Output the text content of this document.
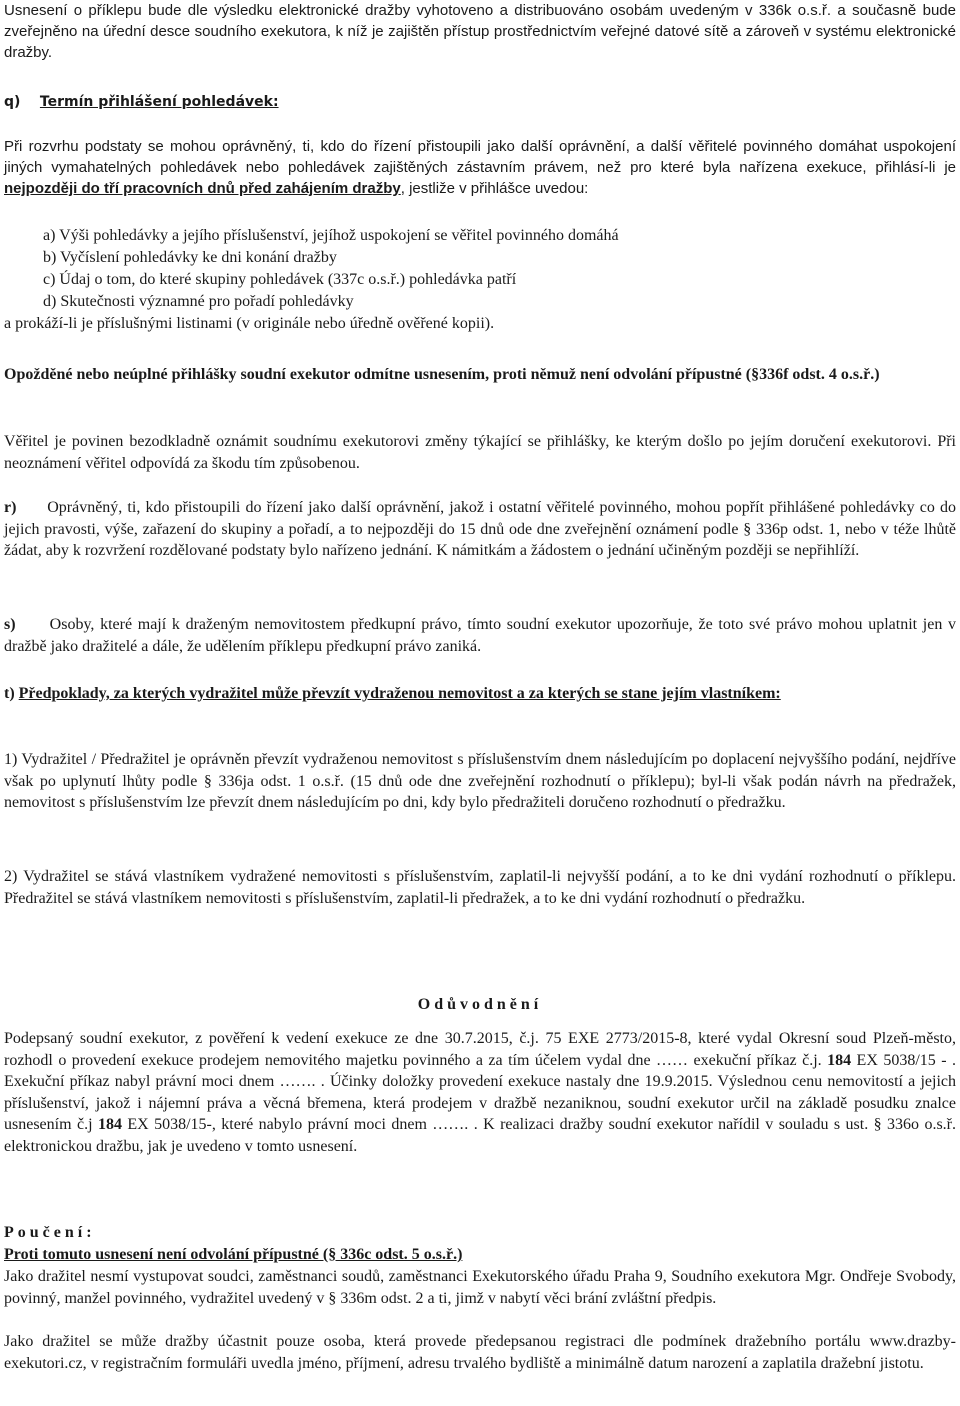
Usnesení o příklepu bude dle výsledku elektronické dražby vyhotoveno a distribuováno osobám uvedeným v 336k o.s.ř. a současně bude zveřejněno na úřední desce soudního exekutora, k níž je zajištěn přístup prostřednictvím veřejné datové sítě a zároveň v systému elektronické dražby.

q) Termín přihlášení pohledávek:

Při rozvrhu podstaty se mohou oprávněný, ti, kdo do řízení přistoupili jako další oprávnění, a další věřitelé povinného domáhat uspokojení jiných vymahatelných pohledávek nebo pohledávek zajištěných zástavním právem, než pro které byla nařízena exekuce, přihlásí-li je nejpozději do tří pracovních dnů před zahájením dražby, jestliže v přihlášce uvedou:

a) Výši pohledávky a jejího příslušenství, jejíhož uspokojení se věřitel povinného domáhá

b) Vyčíslení pohledávky ke dni konání dražby

c) Údaj o tom, do které skupiny pohledávek (337c o.s.ř.) pohledávka patří

d) Skutečnosti významné pro pořadí pohledávky

a prokáží-li je příslušnými listinami (v originále nebo úředně ověřené kopii).

Opožděné nebo neúplné přihlášky soudní exekutor odmítne usnesením, proti němuž není odvolání přípustné (§336f odst. 4 o.s.ř.)

Věřitel je povinen bezodkladně oznámit soudnímu exekutorovi změny týkající se přihlášky, ke kterým došlo po jejím doručení exekutorovi. Při neoznámení věřitel odpovídá za škodu tím způsobenou.

r) Oprávněný, ti, kdo přistoupili do řízení jako další oprávnění, jakož i ostatní věřitelé povinného, mohou popřít přihlášené pohledávky co do jejich pravosti, výše, zařazení do skupiny a pořadí, a to nejpozději do 15 dnů ode dne zveřejnění oznámení podle § 336p odst. 1, nebo v téže lhůtě žádat, aby k rozvržení rozdělované podstaty bylo nařízeno jednání. K námitkám a žádostem o jednání učiněným později se nepřihlíží.

s) Osoby, které mají k draženým nemovitostem předkupní právo, tímto soudní exekutor upozorňuje, že toto své právo mohou uplatnit jen v dražbě jako dražitelé a dále, že udělením příklepu předkupní právo zaniká.

t) Předpoklady, za kterých vydražitel může převzít vydraženou nemovitost a za kterých se stane jejím vlastníkem:

1) Vydražitel / Předražitel je oprávněn převzít vydraženou nemovitost s příslušenstvím dnem následujícím po doplacení nejvyššího podání, nejdříve však po uplynutí lhůty podle § 336ja odst. 1 o.s.ř. (15 dnů ode dne zveřejnění rozhodnutí o příklepu); byl-li však podán návrh na předražek, nemovitost s příslušenstvím lze převzít dnem následujícím po dni, kdy bylo předražiteli doručeno rozhodnutí o předražku.

2) Vydražitel se stává vlastníkem vydražené nemovitosti s příslušenstvím, zaplatil-li nejvyšší podání, a to ke dni vydání rozhodnutí o příklepu. Předražitel se stává vlastníkem nemovitosti s příslušenstvím, zaplatil-li předražek, a to ke dni vydání rozhodnutí o předražku.

Odůvodnění

Podepsaný soudní exekutor, z pověření k vedení exekuce ze dne 30.7.2015, č.j. 75 EXE 2773/2015-8, které vydal Okresní soud Plzeň-město, rozhodl o provedení exekuce prodejem nemovitého majetku povinného a za tím účelem vydal dne …… exekuční příkaz č.j. 184 EX 5038/15 - . Exekuční příkaz nabyl právní moci dnem ……. . Účinky doložky provedení exekuce nastaly dne 19.9.2015. Výslednou cenu nemovitostí a jejich příslušenství, jakož i nájemní práva a věcná břemena, která prodejem v dražbě nezaniknou, soudní exekutor určil na základě posudku znalce usnesením č.j 184 EX 5038/15-, které nabylo právní moci dnem ……. . K realizaci dražby soudní exekutor nařídil v souladu s ust. § 336o o.s.ř. elektronickou dražbu, jak je uvedeno v tomto usnesení.

Poučení:

Proti tomuto usnesení není odvolání přípustné (§ 336c odst. 5 o.s.ř.)

Jako dražitel nesmí vystupovat soudci, zaměstnanci soudů, zaměstnanci Exekutorského úřadu Praha 9, Soudního exekutora Mgr. Ondřeje Svobody, povinný, manžel povinného, vydražitel uvedený v § 336m odst. 2 a ti, jimž v nabytí věci brání zvláštní předpis.

Jako dražitel se může dražby účastnit pouze osoba, která provede předepsanou registraci dle podmínek dražebního portálu www.drazby-exekutori.cz, v registračním formuláři uvedla jméno, příjmení, adresu trvalého bydliště a minimálně datum narození a zaplatila dražební jistotu.
